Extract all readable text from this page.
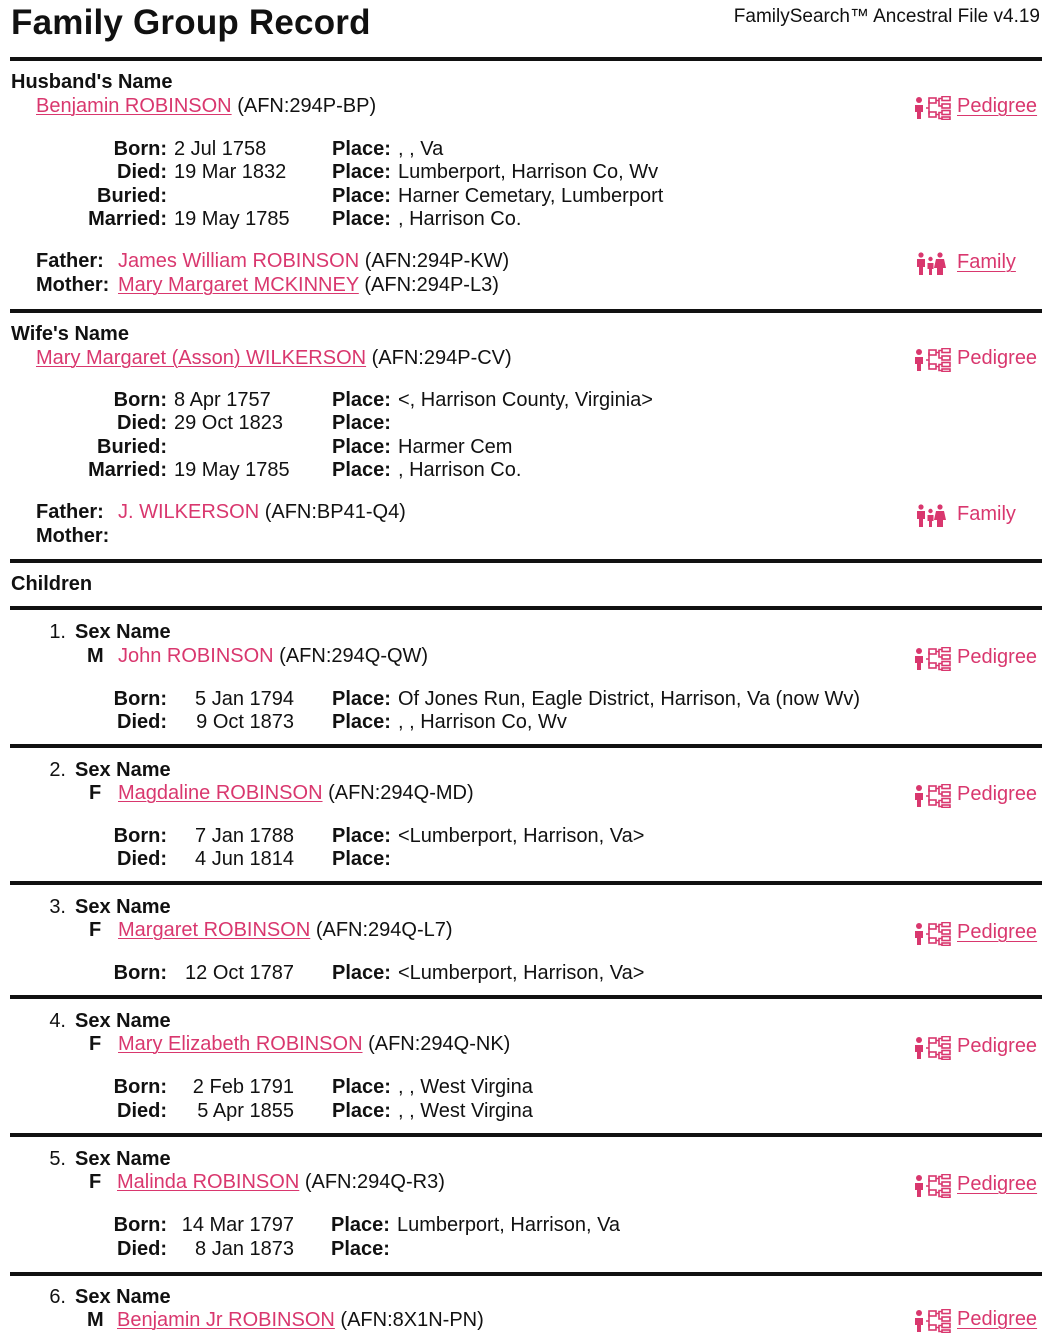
Family Group Record	FamilySearch™ Ancestral File v4.19
Husband's Name
Benjamin ROBINSON (AFN:294P-BP)	Pedigree
Born: 2 Jul 1758	Place: , , Va
Died: 19 Mar 1832 Place: Lumberport, Harrison Co, Wv
Buried:	Place: Harner Cemetary, Lumberport
Married: 19 May 1785 Place: , Harrison Co.
Father: James William ROBINSON (AFN:294P-KW)
Mother: Mary Margaret MCKINNEY (AFN:294P-L3)
Family
Wife's Name
Mary Margaret (Asson) WILKERSON (AFN:294P-CV)	Pedigree
Born: 8 Apr 1757	Place: <, Harrison County, Virginia>
Died: 29 Oct 1823 Place:
Buried:	Place: Harmer Cem
Married: 19 May 1785 Place: , Harrison Co.
Father: J. WILKERSON (AFN:BP41-Q4)
Mother:
Family
Children
1. Sex Name
M John ROBINSON (AFN:294Q-QW)	Pedigree
Born: 5 Jan 1794 Place: Of Jones Run, Eagle District, Harrison, Va (now Wv)
Died: 9 Oct 1873 Place: , , Harrison Co, Wv
2. Sex Name
F Magdaline ROBINSON (AFN:294Q-MD)	Pedigree
Born: 7 Jan 1788 Place: <Lumberport, Harrison, Va>
Died: 4 Jun 1814 Place:
3. Sex Name
F Margaret ROBINSON (AFN:294Q-L7)	Pedigree
Born: 12 Oct 1787 Place: <Lumberport, Harrison, Va>
4. Sex Name
F Mary Elizabeth ROBINSON (AFN:294Q-NK)	Pedigree
Born: 2 Feb 1791 Place: , , West Virgina
Died: 5 Apr 1855 Place: , , West Virgina
5. Sex Name
F Malinda ROBINSON (AFN:294Q-R3)	Pedigree
Born: 14 Mar 1797 Place: Lumberport, Harrison, Va
Died: 8 Jan 1873 Place:
6. Sex Name
M Benjamin Jr ROBINSON (AFN:8X1N-PN)	Pedigree
